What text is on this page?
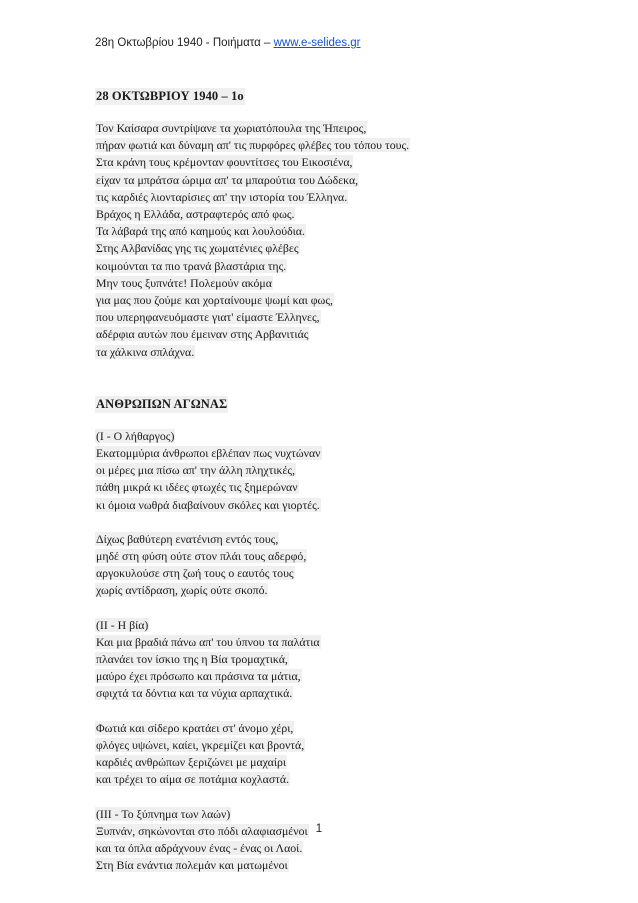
28η Οκτωβρίου 1940 - Ποιήματα – www.e-selides.gr
28 ΟΚΤΩΒΡΙΟΥ 1940 – 1ο
Τον Καίσαρα συντρίψανε τα χωριατόπουλα της Ήπειρος,
πήραν φωτιά και δύναμη απ' τις πυρφόρες φλέβες του τόπου τους.
Στα κράνη τους κρέμονταν φουντίτσες του Εικοσιένα,
είχαν τα μπράτσα ώριμα απ' τα μπαρούτια του Δώδεκα,
τις καρδιές λιονταρίσιες απ' την ιστορία του Έλληνα.
Βράχος η Ελλάδα, αστραφτερός από φως.
Τα λάβαρά της από καημούς και λουλούδια.
Στης Αλβανίδας γης τις χωματένιες φλέβες
κοιμούνται τα πιο τρανά βλαστάρια της.
Μην τους ξυπνάτε! Πολεμούν ακόμα
για μας που ζούμε και χορταίνουμε ψωμί και φως,
που υπερηφανευόμαστε γιατ' είμαστε Έλληνες,
αδέρφια αυτών που έμειναν στης Αρβανιτιάς
τα χάλκινα σπλάχνα.
ΑΝΘΡΩΠΩΝ ΑΓΩΝΑΣ
(Ι - Ο λήθαργος)
Εκατομμύρια άνθρωποι εβλέπαν πως νυχτώναν
οι μέρες μια πίσω απ' την άλλη πληχτικές,
πάθη μικρά κι ιδέες φτωχές τις ξημερώναν
κι όμοια νωθρά διαβαίνουν σκόλες και γιορτές.
Δίχως βαθύτερη ενατένιση εντός τους,
μηδέ στη φύση ούτε στον πλάι τους αδερφό,
αργοκυλούσε στη ζωή τους ο εαυτός τους
χωρίς αντίδραση, χωρίς ούτε σκοπό.
(ΙΙ - Η βία)
Και μια βραδιά πάνω απ' του ύπνου τα παλάτια
πλανάει τον ίσκιο της η Βία τρομαχτικά,
μαύρο έχει πρόσωπο και πράσινα τα μάτια,
σφιχτά τα δόντια και τα νύχια αρπαχτικά.
Φωτιά και σίδερο κρατάει στ' άνομο χέρι,
φλόγες υψώνει, καίει, γκρεμίζει και βροντά,
καρδιές ανθρώπων ξεριζώνει με μαχαίρι
και τρέχει το αίμα σε ποτάμια κοχλαστά.
(ΙΙΙ - Το ξύπνημα των λαών)
Ξυπνάν, σηκώνονται στο πόδι αλαφιασμένοι
και τα όπλα αδράχνουν ένας - ένας οι Λαοί.
Στη Βία ενάντια πολεμάν και ματωμένοι
1
